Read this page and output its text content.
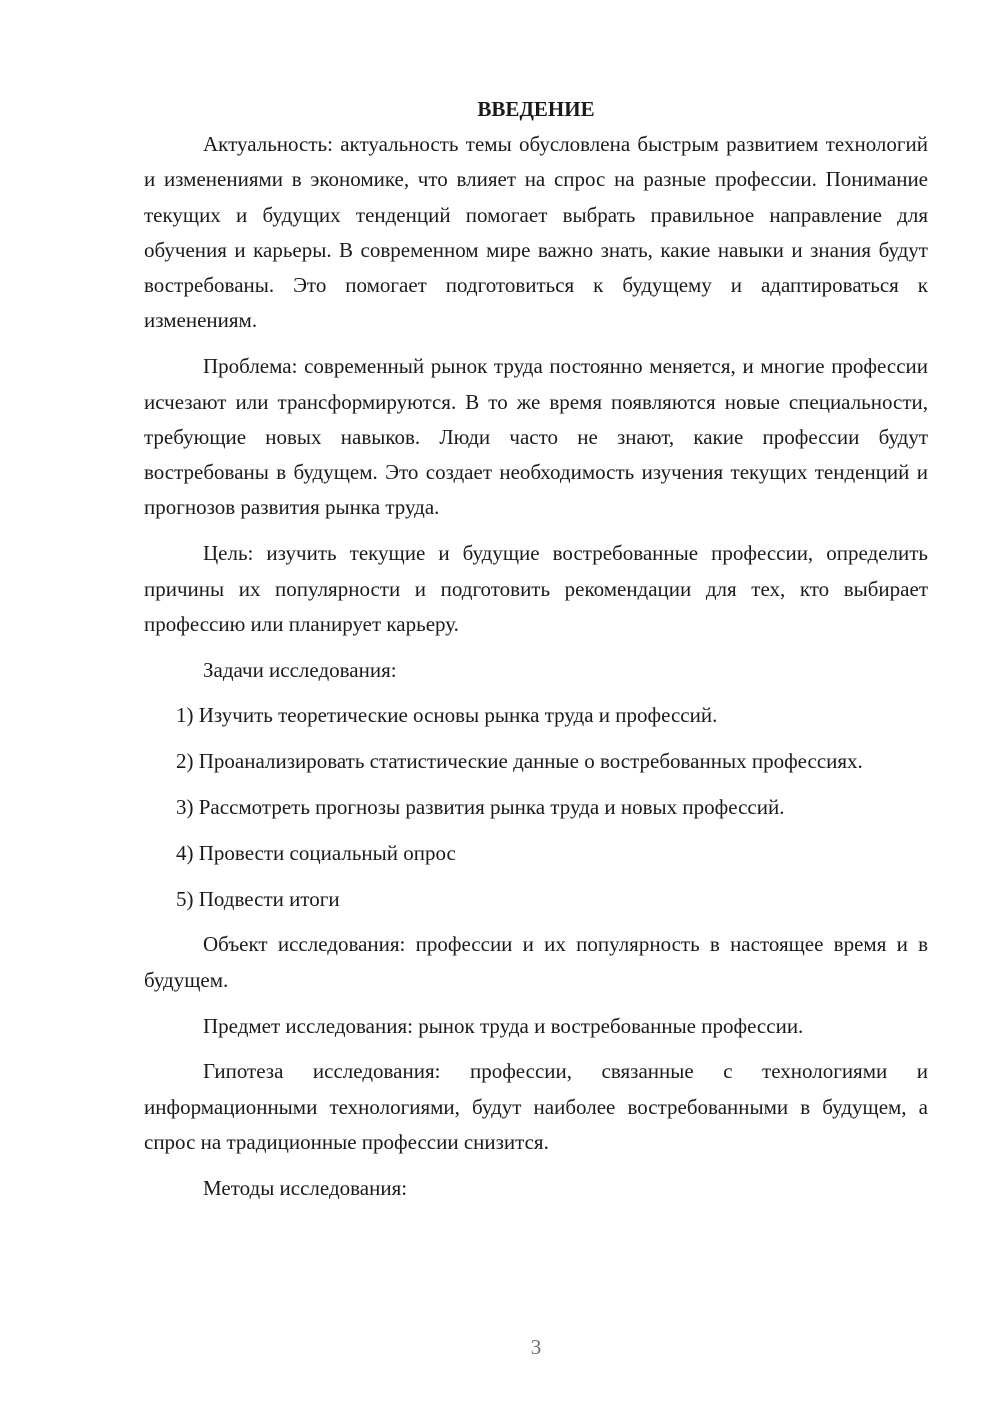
ВВЕДЕНИЕ

Актуальность: актуальность темы обусловлена быстрым развитием технологий и изменениями в экономике, что влияет на спрос на разные профессии. Понимание текущих и будущих тенденций помогает выбрать правильное направление для обучения и карьеры. В современном мире важно знать, какие навыки и знания будут востребованы. Это помогает подготовиться к будущему и адаптироваться к изменениям.

Проблема: современный рынок труда постоянно меняется, и многие профессии исчезают или трансформируются. В то же время появляются новые специальности, требующие новых навыков. Люди часто не знают, какие профессии будут востребованы в будущем. Это создает необходимость изучения текущих тенденций и прогнозов развития рынка труда.

Цель: изучить текущие и будущие востребованные профессии, определить причины их популярности и подготовить рекомендации для тех, кто выбирает профессию или планирует карьеру.

Задачи исследования:

1) Изучить теоретические основы рынка труда и профессий.

2) Проанализировать статистические данные о востребованных профессиях.

3) Рассмотреть прогнозы развития рынка труда и новых профессий.

4) Провести социальный опрос

5) Подвести итоги

Объект исследования: профессии и их популярность в настоящее время и в будущем.

Предмет исследования: рынок труда и востребованные профессии.

Гипотеза исследования: профессии, связанные с технологиями и информационными технологиями, будут наиболее востребованными в будущем, а спрос на традиционные профессии снизится.

Методы исследования:

3
